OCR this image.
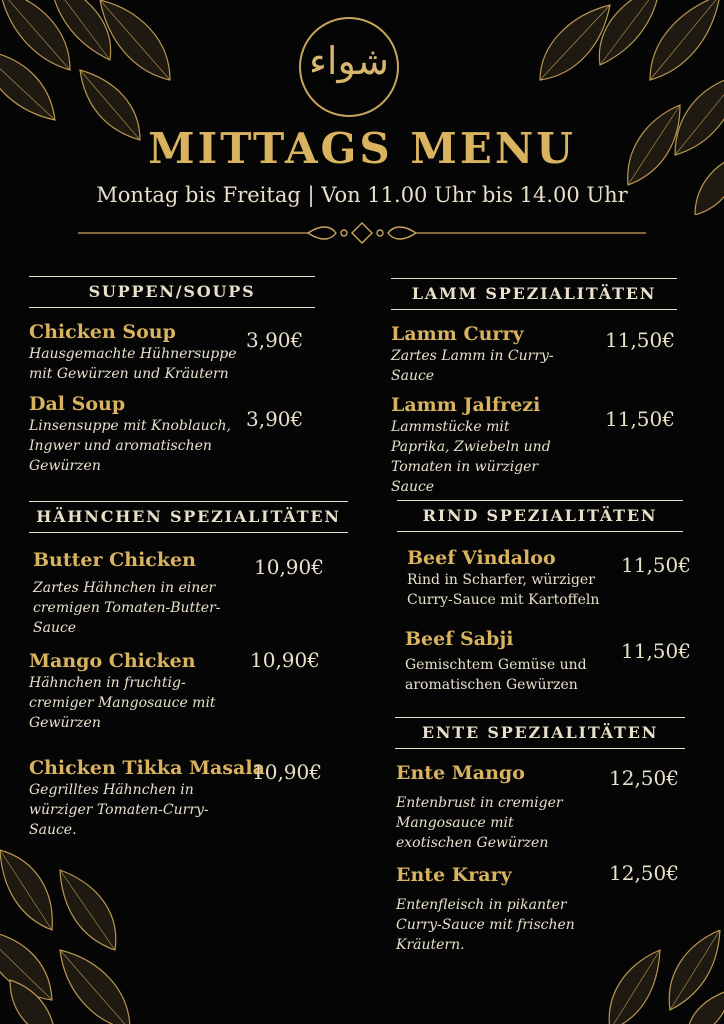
شواء
MITTAGS MENU
Montag bis Freitag | Von 11.00 Uhr bis 14.00 Uhr
SUPPEN/SOUPS
Chicken Soup
Hausgemachte Hühnersuppe mit Gewürzen und Kräutern
3,90€
Dal Soup
Linsensuppe mit Knoblauch, Ingwer und aromatischen Gewürzen
3,90€
HÄHNCHEN SPEZIALITÄTEN
Butter Chicken
Zartes Hähnchen in einer cremigen Tomaten-Butter-Sauce
10,90€
Mango Chicken
Hähnchen in fruchtig-cremiger Mangosauce mit Gewürzen
10,90€
Chicken Tikka Masala
Gegrilltes Hähnchen in würziger Tomaten-Curry-Sauce.
10,90€
LAMM SPEZIALITÄTEN
Lamm Curry
Zartes Lamm in Curry-Sauce
11,50€
Lamm Jalfrezi
Lammstücke mit Paprika, Zwiebeln und Tomaten in würziger Sauce
11,50€
RIND SPEZIALITÄTEN
Beef Vindaloo
Rind in Scharfer, würziger Curry-Sauce mit Kartoffeln
11,50€
Beef Sabji
Gemischtem Gemüse und aromatischen Gewürzen
11,50€
ENTE SPEZIALITÄTEN
Ente Mango
Entenbrust in cremiger Mangosauce mit exotischen Gewürzen
12,50€
Ente Krary
Entenfleisch in pikanter Curry-Sauce mit frischen Kräutern.
12,50€
